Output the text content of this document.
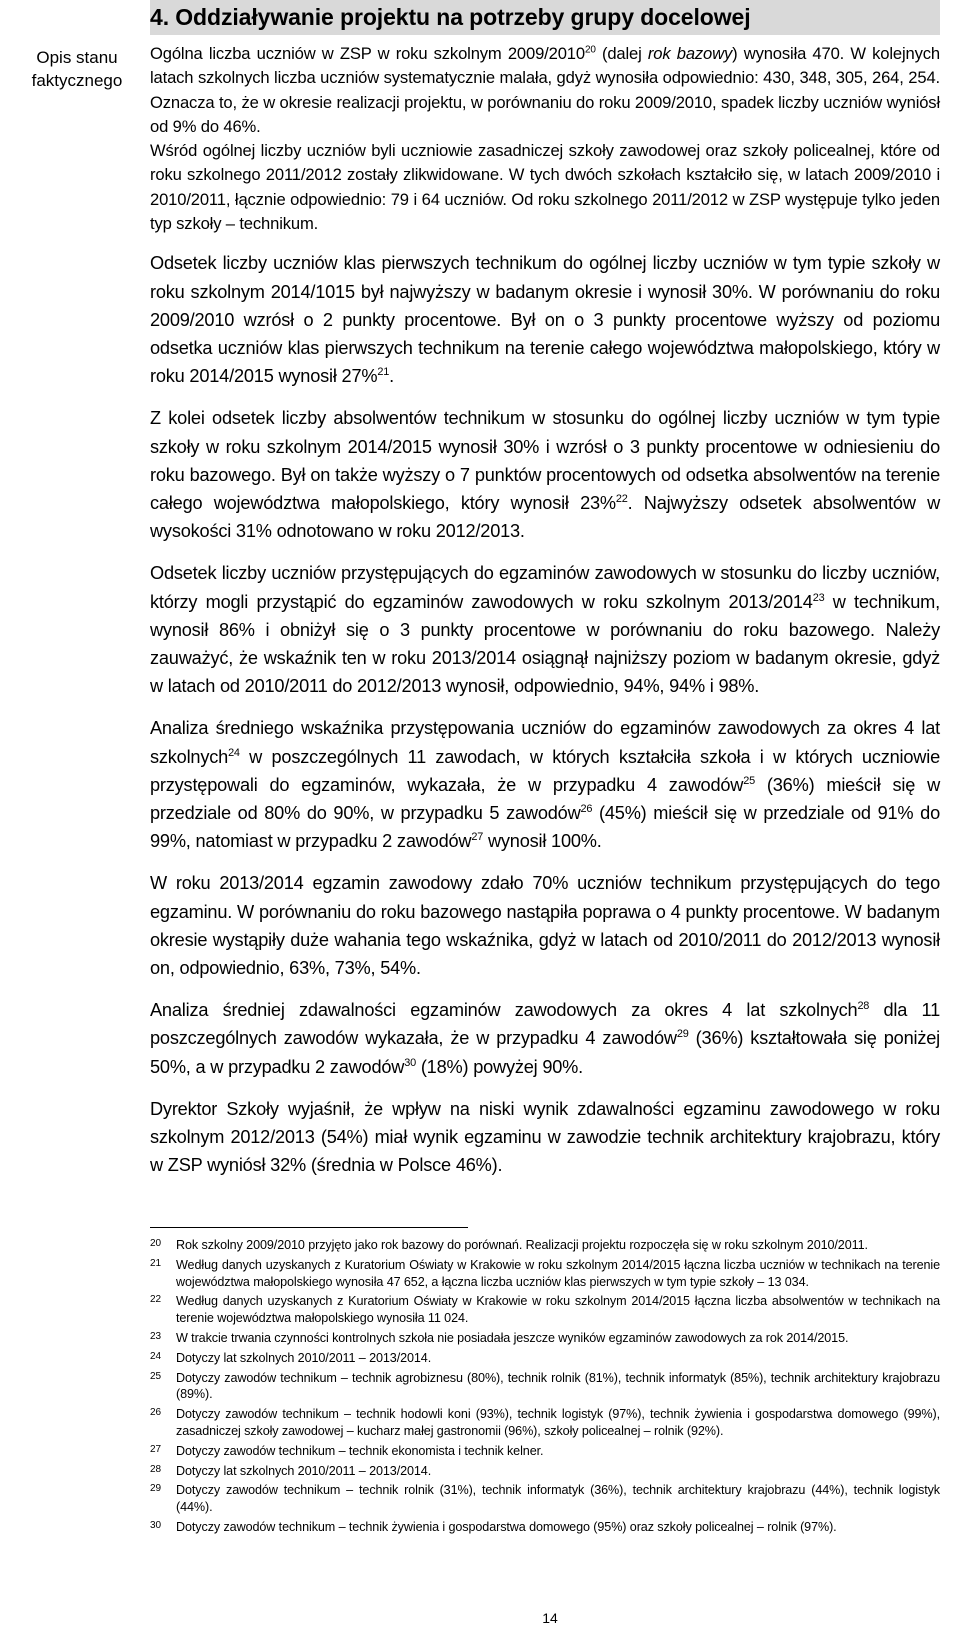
4. Oddziaływanie projektu na potrzeby grupy docelowej
Opis stanu
faktycznego

Ogólna liczba uczniów w ZSP w roku szkolnym 2009/2010$^{20}$ (dalej rok bazowy) wynosiła 470. W kolejnych latach szkolnych liczba uczniów systematycznie malała, gdyż wynosiła odpowiednio: 430, 348, 305, 264, 254. Oznacza to, że w okresie realizacji projektu, w porównaniu do roku 2009/2010, spadek liczby uczniów wyniósł od 9% do 46%.

Wśród ogólnej liczby uczniów byli uczniowie zasadniczej szkoły zawodowej oraz szkoły policealnej, które od roku szkolnego 2011/2012 zostały zlikwidowane. W tych dwóch szkołach kształciło się, w latach 2009/2010 i 2010/2011, łącznie odpowiednio: 79 i 64 uczniów. Od roku szkolnego 2011/2012 w ZSP występuje tylko jeden typ szkoły – technikum.

Odsetek liczby uczniów klas pierwszych technikum do ogólnej liczby uczniów w tym typie szkoły w roku szkolnym 2014/1015 był najwyższy w badanym okresie i wynosił 30%. W porównaniu do roku 2009/2010 wzrósł o 2 punkty procentowe. Był on o 3 punkty procentowe wyższy od poziomu odsetka uczniów klas pierwszych technikum na terenie całego województwa małopolskiego, który w roku 2014/2015 wynosił 27%$^{21}$.

Z kolei odsetek liczby absolwentów technikum w stosunku do ogólnej liczby uczniów w tym typie szkoły w roku szkolnym 2014/2015 wynosił 30% i wzrósł o 3 punkty procentowe w odniesieniu do roku bazowego. Był on także wyższy o 7 punktów procentowych od odsetka absolwentów na terenie całego województwa małopolskiego, który wynosił 23%$^{22}$. Najwyższy odsetek absolwentów w wysokości 31% odnotowano w roku 2012/2013.

Odsetek liczby uczniów przystępujących do egzaminów zawodowych w stosunku do liczby uczniów, którzy mogli przystąpić do egzaminów zawodowych w roku szkolnym 2013/2014$^{23}$ w technikum, wynosił 86% i obniżył się o 3 punkty procentowe w porównaniu do roku bazowego. Należy zauważyć, że wskaźnik ten w roku 2013/2014 osiągnął najniższy poziom w badanym okresie, gdyż w latach od 2010/2011 do 2012/2013 wynosił, odpowiednio, 94%, 94% i 98%.

Analiza średniego wskaźnika przystępowania uczniów do egzaminów zawodowych za okres 4 lat szkolnych$^{24}$ w poszczególnych 11 zawodach, w których kształciła szkoła i w których uczniowie przystępowali do egzaminów, wykazała, że w przypadku 4 zawodów$^{25}$ (36%) mieścił się w przedziale od 80% do 90%, w przypadku 5 zawodów$^{26}$ (45%) mieścił się w przedziale od 91% do 99%, natomiast w przypadku 2 zawodów$^{27}$ wynosił 100%.

W roku 2013/2014 egzamin zawodowy zdało 70% uczniów technikum przystępujących do tego egzaminu. W porównaniu do roku bazowego nastąpiła poprawa o 4 punkty procentowe. W badanym okresie wystąpiły duże wahania tego wskaźnika, gdyż w latach od 2010/2011 do 2012/2013 wynosił on, odpowiednio, 63%, 73%, 54%.

Analiza średniej zdawalności egzaminów zawodowych za okres 4 lat szkolnych$^{28}$ dla 11 poszczególnych zawodów wykazała, że w przypadku 4 zawodów$^{29}$ (36%) kształtowała się poniżej 50%, a w przypadku 2 zawodów$^{30}$ (18%) powyżej 90%.

Dyrektor Szkoły wyjaśnił, że wpływ na niski wynik zdawalności egzaminu zawodowego w roku szkolnym 2012/2013 (54%) miał wynik egzaminu w zawodzie technik architektury krajobrazu, który w ZSP wyniósł 32% (średnia w Polsce 46%).

20 Rok szkolny 2009/2010 przyjęto jako rok bazowy do porównań. Realizacji projektu rozpoczęła się w roku szkolnym 2010/2011.
21 Według danych uzyskanych z Kuratorium Oświaty w Krakowie w roku szkolnym 2014/2015 łączna liczba uczniów w technikach na terenie województwa małopolskiego wynosiła 47 652, a łączna liczba uczniów klas pierwszych w tym typie szkoły – 13 034.
22 Według danych uzyskanych z Kuratorium Oświaty w Krakowie w roku szkolnym 2014/2015 łączna liczba absolwentów w technikach na terenie województwa małopolskiego wynosiła 11 024.
23 W trakcie trwania czynności kontrolnych szkoła nie posiadała jeszcze wyników egzaminów zawodowych za rok 2014/2015.
24 Dotyczy lat szkolnych 2010/2011 – 2013/2014.
25 Dotyczy zawodów technikum – technik agrobiznesu (80%), technik rolnik (81%), technik informatyk (85%), technik architektury krajobrazu (89%).
26 Dotyczy zawodów technikum – technik hodowli koni (93%), technik logistyk (97%), technik żywienia i gospodarstwa domowego (99%), zasadniczej szkoły zawodowej – kucharz małej gastronomii (96%), szkoły policealnej – rolnik (92%).
27 Dotyczy zawodów technikum – technik ekonomista i technik kelner.
28 Dotyczy lat szkolnych 2010/2011 – 2013/2014.
29 Dotyczy zawodów technikum – technik rolnik (31%), technik informatyk (36%), technik architektury krajobrazu (44%), technik logistyk (44%).
30 Dotyczy zawodów technikum – technik żywienia i gospodarstwa domowego (95%) oraz szkoły policealnej – rolnik (97%).
14
